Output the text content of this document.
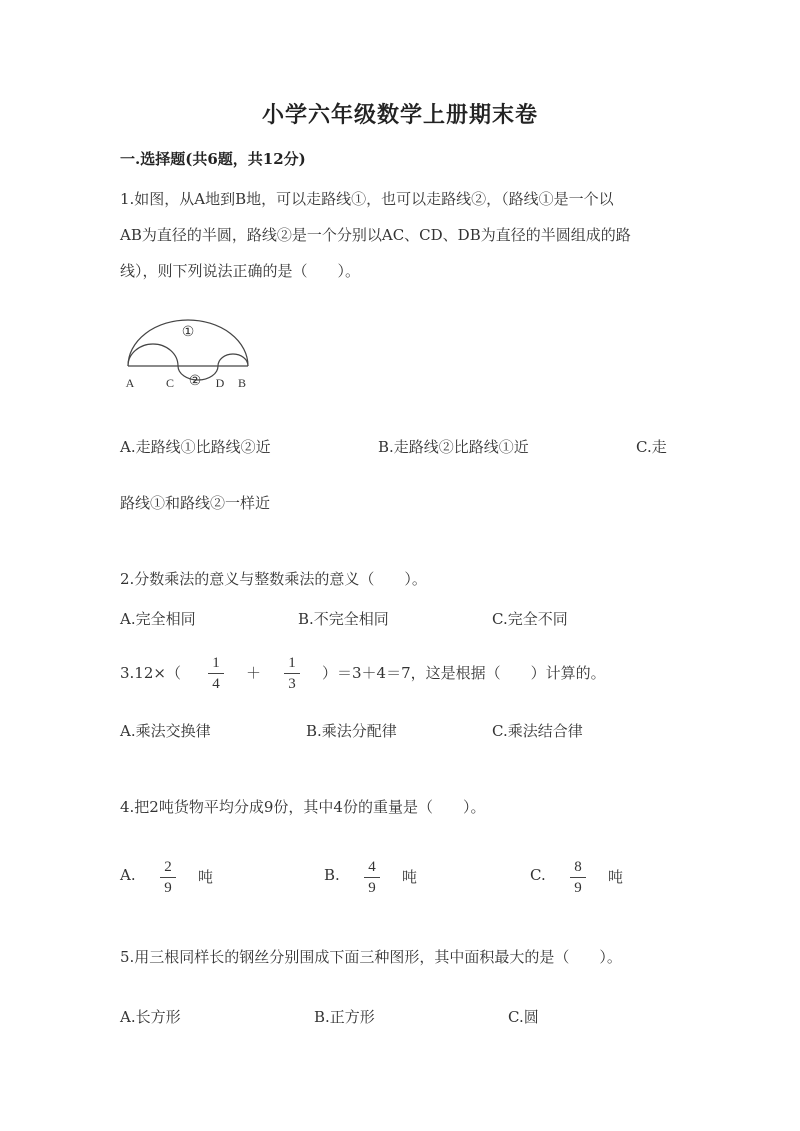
小学六年级数学上册期末卷
一.选择题(共6题，共12分)
1.如图，从A地到B地，可以走路线①，也可以走路线②，（路线①是一个以
AB为直径的半圆，路线②是一个分别以AC、CD、DB为直径的半圆组成的路
线），则下列说法正确的是（　　）。
①
②
A	C	D B
A.走路线①比路线②近	B.走路线②比路线①近	C.走
路线①和路线②一样近
2.分数乘法的意义与整数乘法的意义（　　）。
A.完全相同	B.不完全相同	C.完全不同
3.12×（
1
4
＋
1
3
）＝3＋4＝7，这是根据（　　）计算的。
A.乘法交换律	B.乘法分配律	C.乘法结合律
4.把2吨货物平均分成9份，其中4份的重量是（　　）。
A.	2
9
吨	B.	4
9
吨	C.	8
9
吨
5.用三根同样长的钢丝分别围成下面三种图形，其中面积最大的是（　　）。
A.长方形	B.正方形	C.圆
